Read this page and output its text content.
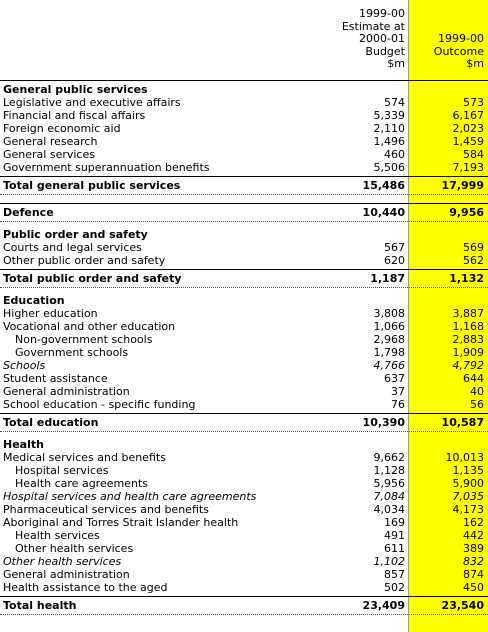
1999-00
Estimate at
2000-01
Budget
$m
1999-00
Outcome
$m
General public services
Legislative and executive affairs	574	573
Financial and fiscal affairs	5,339	6,167
Foreign economic aid	2,110	2,023
General research	1,496	1,459
General services	460	584
Government superannuation benefits	5,506	7,193
Total general public services	15,486	17,999
Defence	10,440	9,956
Public order and safety
Courts and legal services	567	569
Other public order and safety	620	562
Total public order and safety	1,187	1,132
Education
Higher education	3,808	3,887
Vocational and other education	1,066	1,168
Non-government schools	2,968	2,883
Government schools	1,798	1,909
Schools	4,766	4,792
Student assistance	637	644
General administration	37	40
School education - specific funding	76	56
Total education	10,390	10,587
Health
Medical services and benefits	9,662	10,013
Hospital services	1,128	1,135
Health care agreements	5,956	5,900
Hospital services and health care agreements	7,084	7,035
Pharmaceutical services and benefits	4,034	4,173
Aboriginal and Torres Strait Islander health	169	162
Health services	491	442
Other health services	611	389
Other health services	1,102	832
General administration	857	874
Health assistance to the aged	502	450
Total health	23,409	23,540
